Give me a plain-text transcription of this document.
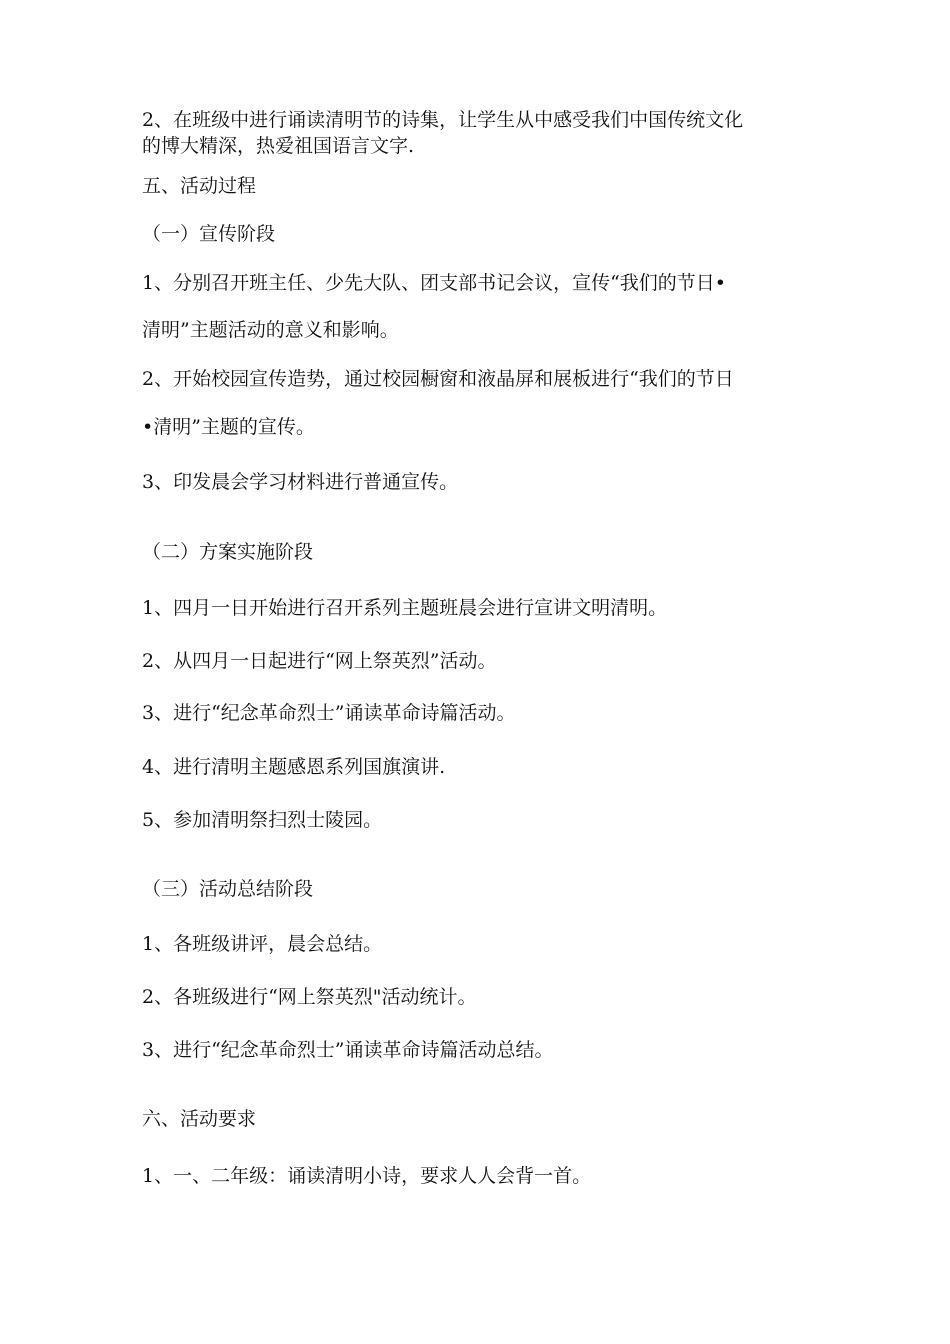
2、在班级中进行诵读清明节的诗集，让学生从中感受我们中国传统文化

的博大精深，热爱祖国语言文字.

五、活动过程

（一）宣传阶段

1、分别召开班主任、少先大队、团支部书记会议，宣传“我们的节日•

清明”主题活动的意义和影响。

2、开始校园宣传造势，通过校园橱窗和液晶屏和展板进行“我们的节日

•清明”主题的宣传。

3、印发晨会学习材料进行普通宣传。

（二）方案实施阶段

1、四月一日开始进行召开系列主题班晨会进行宣讲文明清明。

2、从四月一日起进行“网上祭英烈”活动。

3、进行“纪念革命烈士”诵读革命诗篇活动。

4、进行清明主题感恩系列国旗演讲.

5、参加清明祭扫烈士陵园。

（三）活动总结阶段

1、各班级讲评，晨会总结。

2、各班级进行“网上祭英烈"活动统计。

3、进行“纪念革命烈士”诵读革命诗篇活动总结。

六、活动要求

1、一、二年级：诵读清明小诗，要求人人会背一首。
